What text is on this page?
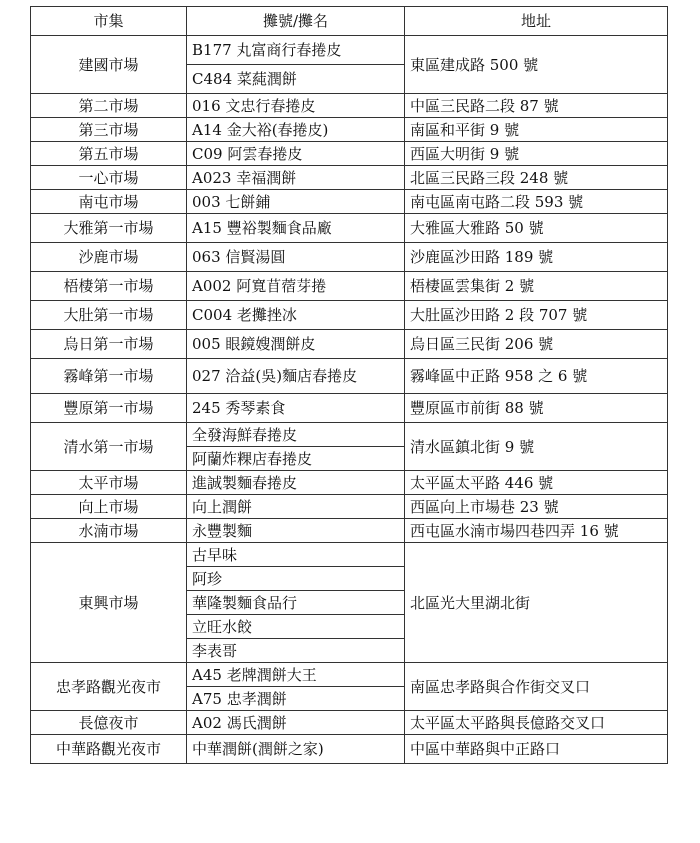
市集	攤號/攤名	地址
建國市場	B177 丸富商行春捲皮	東區建成路 500 號
	C484 菜蒓潤餅	
第二市場	016 文忠行春捲皮	中區三民路二段 87 號
第三市場	A14 金大裕(春捲皮)	南區和平街 9 號
第五市場	C09 阿雲春捲皮	西區大明街 9 號
一心市場	A023 幸福潤餅	北區三民路三段 248 號
南屯市場	003 七餅鋪	南屯區南屯路二段 593 號
大雅第一市場	A15 豐裕製麵食品廠	大雅區大雅路 50 號
沙鹿市場	063 信賢湯圓	沙鹿區沙田路 189 號
梧棲第一市場	A002 阿寬苜蓿芽捲	梧棲區雲集街 2 號
大肚第一市場	C004 老攤挫冰	大肚區沙田路 2 段 707 號
烏日第一市場	005 眼鏡嫂潤餅皮	烏日區三民街 206 號
霧峰第一市場	027 洽益(吳)麵店春捲皮	霧峰區中正路 958 之 6 號
豐原第一市場	245 秀琴素食	豐原區市前街 88 號
清水第一市場	全發海鮮春捲皮	清水區鎮北街 9 號
	阿蘭炸粿店春捲皮	
太平市場	進誠製麵春捲皮	太平區太平路 446 號
向上市場	向上潤餅	西區向上市場巷 23 號
水湳市場	永豐製麵	西屯區水湳市場四巷四弄 16 號
東興市場	古早味	北區光大里湖北街
	阿珍	
	華隆製麵食品行	
	立旺水餃	
	李表哥	
忠孝路觀光夜市	A45 老牌潤餅大王	南區忠孝路與合作街交叉口
	A75 忠孝潤餅	
長億夜市	A02 馮氏潤餅	太平區太平路與長億路交叉口
中華路觀光夜市	中華潤餅(潤餅之家)	中區中華路與中正路口
